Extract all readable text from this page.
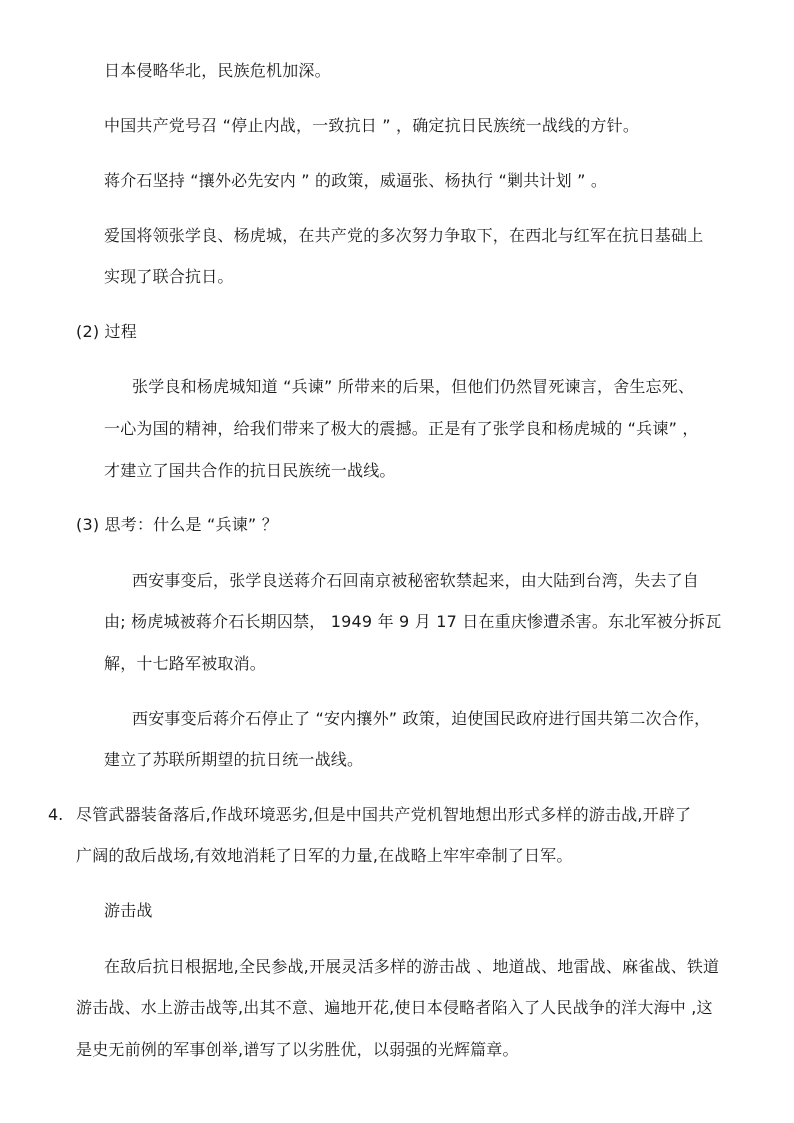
日本侵略华北，民族危机加深。
中国共产党号召 “停止内战，一致抗日 ” ，确定抗日民族统一战线的方针。
蒋介石坚持 “攘外必先安内 ” 的政策，威逼张、杨执行 “剿共计划 ” 。
爱国将领张学良、杨虎城，在共产党的多次努力争取下，在西北与红军在抗日基础上
实现了联合抗日。
(2) 过程
张学良和杨虎城知道 “兵谏” 所带来的后果，但他们仍然冒死谏言，舍生忘死、
一心为国的精神，给我们带来了极大的震撼。正是有了张学良和杨虎城的 “兵谏” ，
才建立了国共合作的抗日民族统一战线。
(3) 思考：什么是 “兵谏” ？
西安事变后，张学良送蒋介石回南京被秘密软禁起来，由大陆到台湾，失去了自
由; 杨虎城被蒋介石长期囚禁， 1949 年 9 月 17 日在重庆惨遭杀害。东北军被分拆瓦
解，十七路军被取消。
西安事变后蒋介石停止了 “安内攘外” 政策，迫使国民政府进行国共第二次合作，
建立了苏联所期望的抗日统一战线。
4. 尽管武器装备落后,作战环境恶劣,但是中国共产党机智地想出形式多样的游击战,开辟了
广阔的敌后战场,有效地消耗了日军的力量,在战略上牢牢牵制了日军。
游击战
在敌后抗日根据地,全民参战,开展灵活多样的游击战 、地道战、地雷战、麻雀战、铁道
游击战、水上游击战等,出其不意、遍地开花,使日本侵略者陷入了人民战争的洋大海中 ,这
是史无前例的军事创举,谱写了以劣胜优，以弱强的光辉篇章。
